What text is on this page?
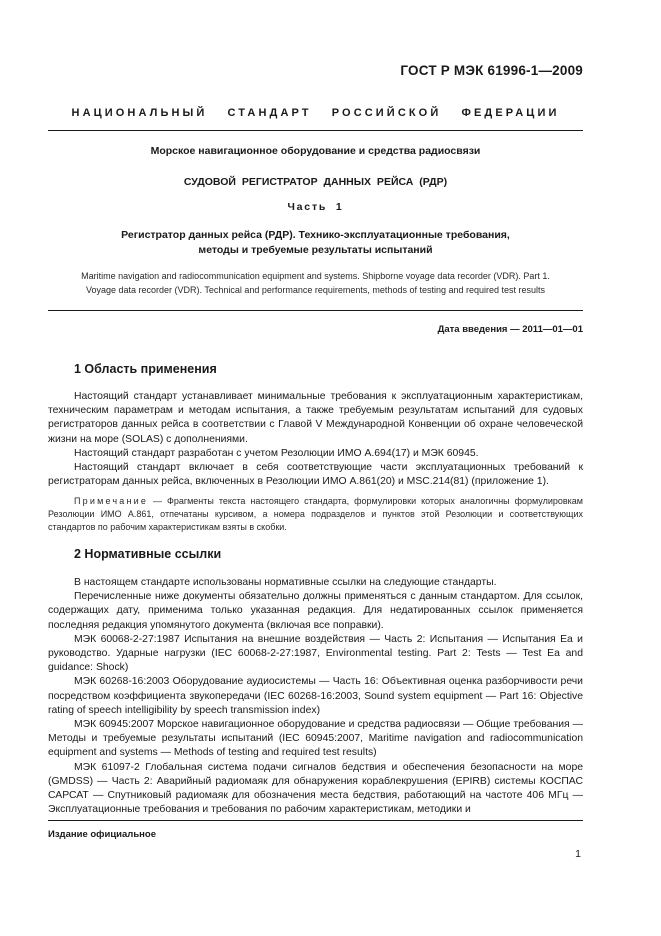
ГОСТ Р МЭК 61996-1—2009
НАЦИОНАЛЬНЫЙ СТАНДАРТ РОССИЙСКОЙ ФЕДЕРАЦИИ
Морское навигационное оборудование и средства радиосвязи
СУДОВОЙ РЕГИСТРАТОР ДАННЫХ РЕЙСА (РДР)
Часть 1
Регистратор данных рейса (РДР). Технико-эксплуатационные требования,
методы и требуемые результаты испытаний
Maritime navigation and radiocommunication equipment and systems. Shipborne voyage data recorder (VDR). Part 1.
Voyage data recorder (VDR). Technical and performance requirements, methods of testing and required test results
Дата введения — 2011—01—01
1 Область применения

Настоящий стандарт устанавливает минимальные требования к эксплуатационным характеристикам, техническим параметрам и методам испытания, а также требуемым результатам испытаний для судовых регистраторов данных рейса в соответствии с Главой V Международной Конвенции об охране человеческой жизни на море (SOLAS) с дополнениями.

Настоящий стандарт разработан с учетом Резолюции ИМО А.694(17) и МЭК 60945.

Настоящий стандарт включает в себя соответствующие части эксплуатационных требований к регистраторам данных рейса, включенных в Резолюции ИМО А.861(20) и MSC.214(81) (приложение 1).

Примечание — Фрагменты текста настоящего стандарта, формулировки которых аналогичны формулировкам Резолюции ИМО А.861, отпечатаны курсивом, а номера подразделов и пунктов этой Резолюции и соответствующих стандартов по рабочим характеристикам взяты в скобки.

2 Нормативные ссылки

В настоящем стандарте использованы нормативные ссылки на следующие стандарты.

Перечисленные ниже документы обязательно должны применяться с данным стандартом. Для ссылок, содержащих дату, применима только указанная редакция. Для недатированных ссылок применяется последняя редакция упомянутого документа (включая все поправки).

МЭК 60068-2-27:1987 Испытания на внешние воздействия — Часть 2: Испытания — Испытания Еа и руководство. Ударные нагрузки (IEC 60068-2-27:1987, Environmental testing. Part 2: Tests — Test Ea and guidance: Shock)

МЭК 60268-16:2003 Оборудование аудиосистемы — Часть 16: Объективная оценка разборчивости речи посредством коэффициента звукопередачи (IEC 60268-16:2003, Sound system equipment — Part 16: Objective rating of speech intelligibility by speech transmission index)

МЭК 60945:2007 Морское навигационное оборудование и средства радиосвязи — Общие требования — Методы и требуемые результаты испытаний (IEC 60945:2007, Maritime navigation and radiocommunication equipment and systems — Methods of testing and required test results)

МЭК 61097-2 Глобальная система подачи сигналов бедствия и обеспечения безопасности на море (GMDSS) — Часть 2: Аварийный радиомаяк для обнаружения кораблекрушения (EPIRB) системы КОСПАС САРСАТ — Спутниковый радиомаяк для обозначения места бедствия, работающий на частоте 406 МГц — Эксплуатационные требования и требования по рабочим характеристикам, методики и

Издание официальное
1
